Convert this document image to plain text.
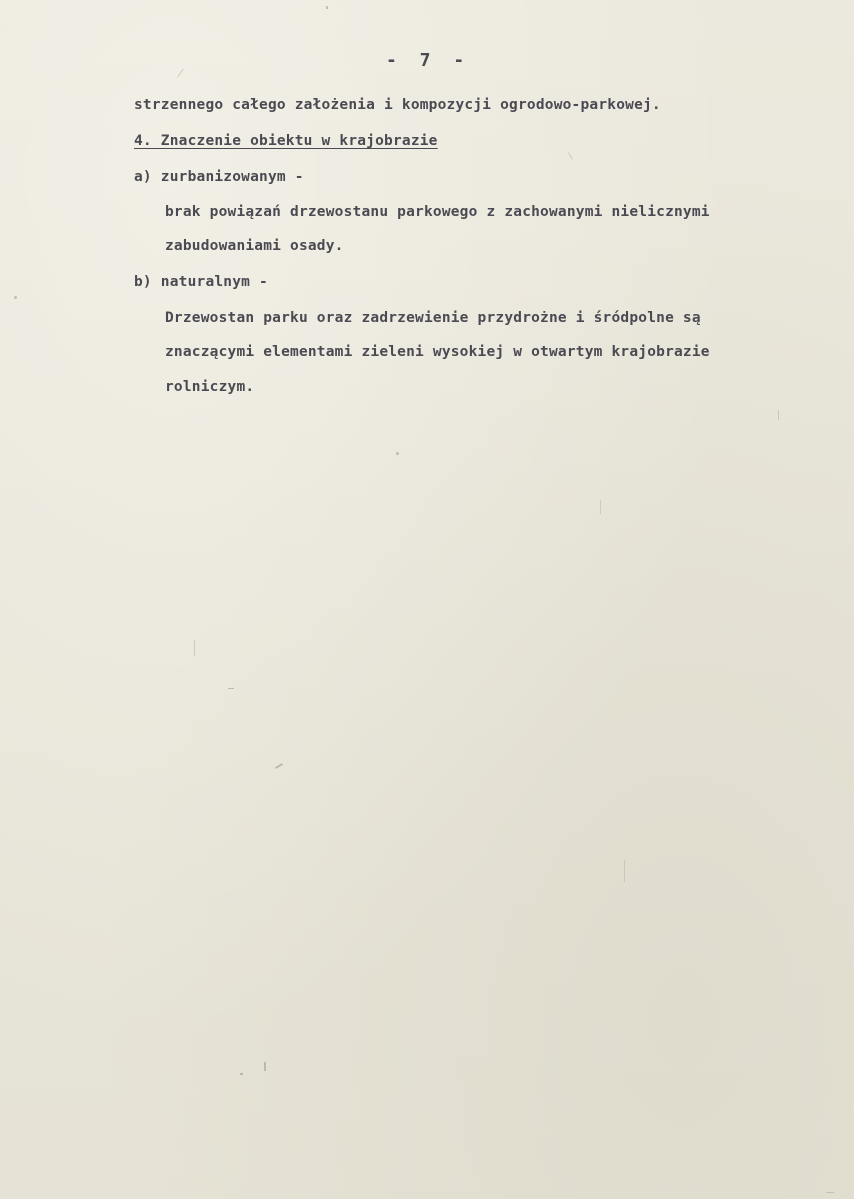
- 7 -
strzennego całego założenia i kompozycji ogrodowo-parkowej.
4. Znaczenie obiektu w krajobrazie
a) zurbanizowanym -
brak powiązań drzewostanu parkowego z zachowanymi nielicznymi
zabudowaniami osady.
b) naturalnym -
Drzewostan parku oraz zadrzewienie przydrożne i śródpolne są
znaczącymi elementami zieleni wysokiej w otwartym krajobrazie
rolniczym.
